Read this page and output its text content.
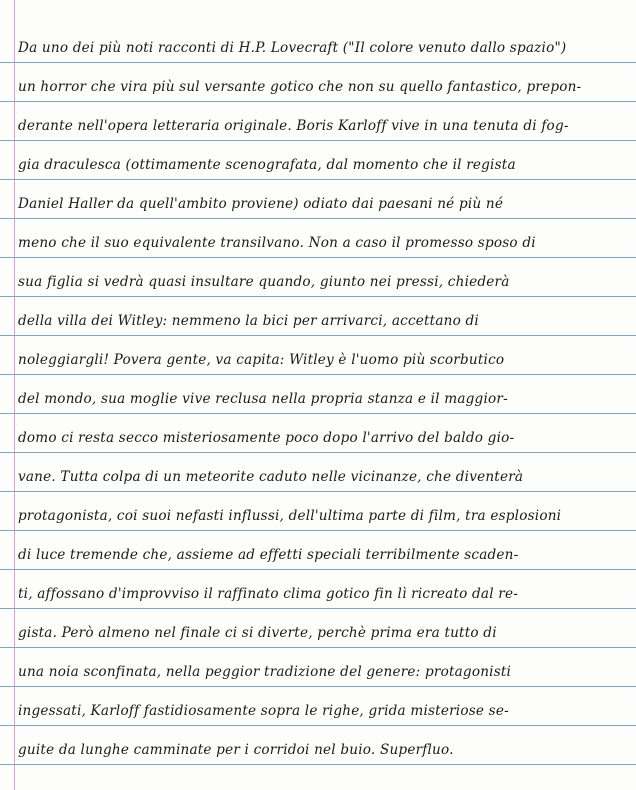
Da uno dei più noti racconti di H.P. Lovecraft ("Il colore venuto dallo spazio")
un horror che vira più sul versante gotico che non su quello fantastico, prepon-
derante nell'opera letteraria originale. Boris Karloff vive in una tenuta di fog-
gia draculesca (ottimamente scenografata, dal momento che il regista
Daniel Haller da quell'ambito proviene) odiato dai paesani né più né
meno che il suo equivalente transilvano. Non a caso il promesso sposo di
sua figlia si vedrà quasi insultare quando, giunto nei pressi, chiederà
della villa dei Witley: nemmeno la bici per arrivarci, accettano di
noleggiargli! Povera gente, va capita: Witley è l'uomo più scorbutico
del mondo, sua moglie vive reclusa nella propria stanza e il maggior-
domo ci resta secco misteriosamente poco dopo l'arrivo del baldo gio-
vane. Tutta colpa di un meteorite caduto nelle vicinanze, che diventerà
protagonista, coi suoi nefasti influssi, dell'ultima parte di film, tra esplosioni
di luce tremende che, assieme ad effetti speciali terribilmente scaden-
ti, affossano d'improvviso il raffinato clima gotico fin lì ricreato dal re-
gista. Però almeno nel finale ci si diverte, perchè prima era tutto di
una noia sconfinata, nella peggior tradizione del genere: protagonisti
ingessati, Karloff fastidiosamente sopra le righe, grida misteriose se-
guite da lunghe camminate per i corridoi nel buio. Superfluo.
